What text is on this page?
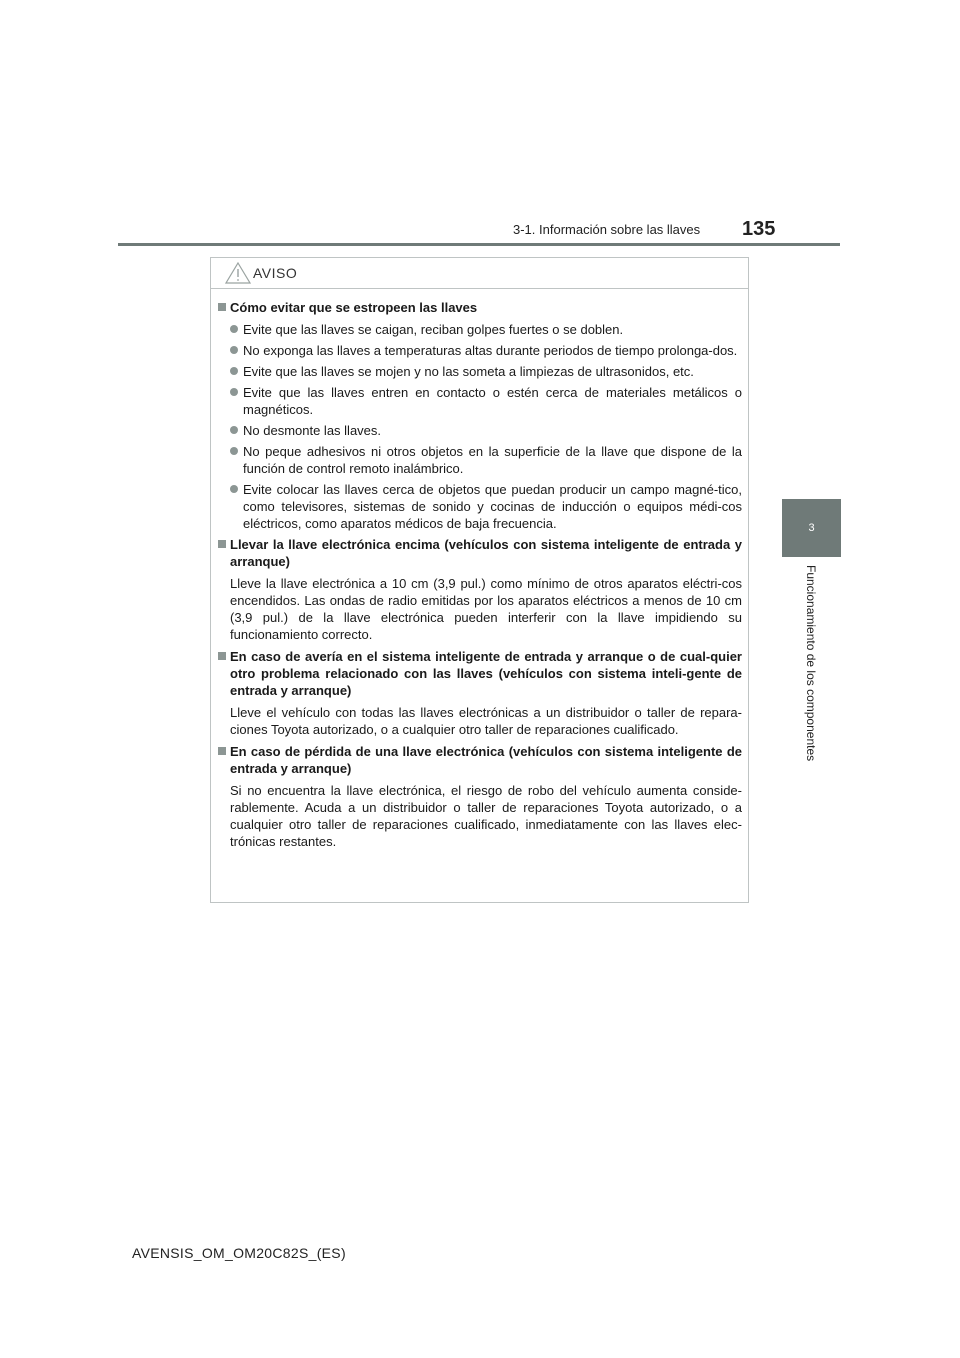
3-1. Información sobre las llaves 135
3
Funcionamiento de los componentes
AVISO
Cómo evitar que se estropeen las llaves
Evite que las llaves se caigan, reciban golpes fuertes o se doblen.
No exponga las llaves a temperaturas altas durante periodos de tiempo prolonga-dos.
Evite que las llaves se mojen y no las someta a limpiezas de ultrasonidos, etc.
Evite que las llaves entren en contacto o estén cerca de materiales metálicos o magnéticos.
No desmonte las llaves.
No peque adhesivos ni otros objetos en la superficie de la llave que dispone de la función de control remoto inalámbrico.
Evite colocar las llaves cerca de objetos que puedan producir un campo magné-tico, como televisores, sistemas de sonido y cocinas de inducción o equipos médi-cos eléctricos, como aparatos médicos de baja frecuencia.
Llevar la llave electrónica encima (vehículos con sistema inteligente de entrada y arranque)
Lleve la llave electrónica a 10 cm (3,9 pul.) como mínimo de otros aparatos eléctri-cos encendidos. Las ondas de radio emitidas por los aparatos eléctricos a menos de 10 cm (3,9 pul.) de la llave electrónica pueden interferir con la llave impidiendo su funcionamiento correcto.
En caso de avería en el sistema inteligente de entrada y arranque o de cual-quier otro problema relacionado con las llaves (vehículos con sistema inteli-gente de entrada y arranque)
Lleve el vehículo con todas las llaves electrónicas a un distribuidor o taller de repara-ciones Toyota autorizado, o a cualquier otro taller de reparaciones cualificado.
En caso de pérdida de una llave electrónica (vehículos con sistema inteligente de entrada y arranque)
Si no encuentra la llave electrónica, el riesgo de robo del vehículo aumenta conside-rablemente. Acuda a un distribuidor o taller de reparaciones Toyota autorizado, o a cualquier otro taller de reparaciones cualificado, inmediatamente con las llaves elec-trónicas restantes.
AVENSIS_OM_OM20C82S_(ES)
